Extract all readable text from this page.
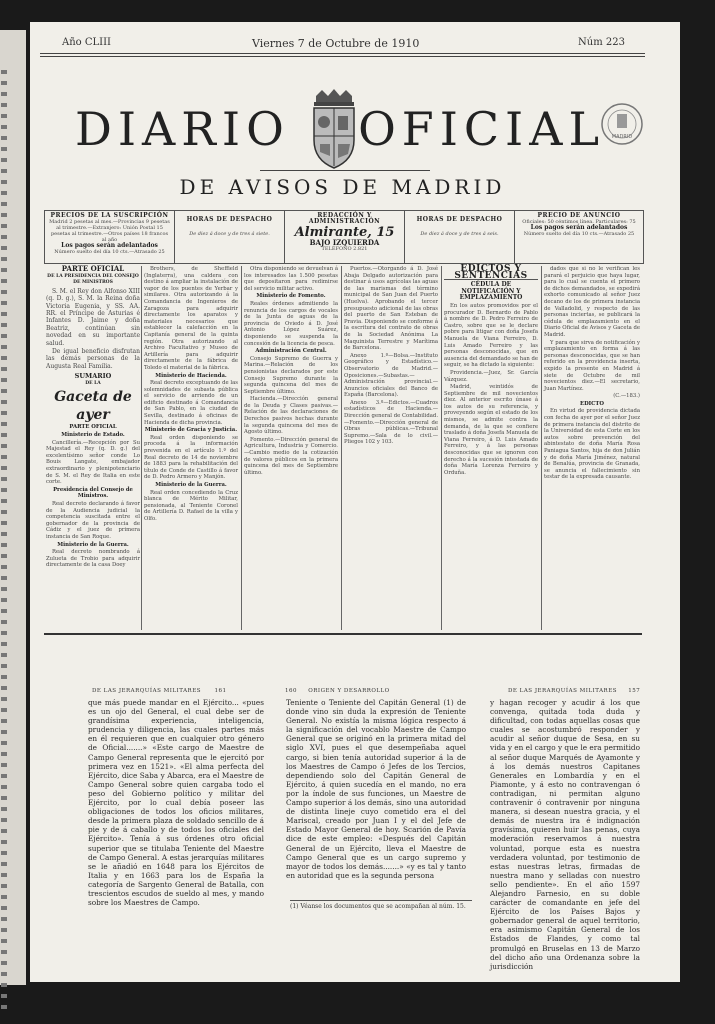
Año CLIII	Viernes 7 de Octubre de 1910	Núm 223
DIARIO OFICIAL MADRID
DE AVISOS DE MADRID
PRECIOS DE LA SUSCRIPCIÓN
Madrid 2 pesetas al mes.—Provincias 9 pesetas al trimestre.—Extranjero: Unión Postal 15 pesetas al trimestre.—Otros países 18 francos al año
Los pagos serán adelantados
Número suelto del día 10 cts.—Atrasado 25
HORAS DE DESPACHO
De diez á doce y de tres á siete.
REDACCIÓN Y ADMINISTRACIÓN
Almirante, 15
BAJO IZQUIERDA
TELÉFONO 2.821
HORAS DE DESPACHO
De diez á doce y de tres á seis.
PRECIO DE ANUNCIO
Oficiales: 50 céntimos línea. Particulares: 75
Los pagos serán adelantados
Número suelto del día 10 cts.—Atrasado 25

PARTE OFICIAL

DE LA PRESIDENCIA DEL CONSEJO DE MINISTROS

S. M. el Rey don Alfonso XIII (q. D. g.), S. M. la Reina doña Victoria Eugenia, y SS. AA. RR. el Príncipe de Asturias é Infantes D. Jaime y doña Beatriz, continúan sin novedad en su importante salud.

De igual beneficio disfrutan las demás personas de la Augusta Real Familia.

SUMARIO

DE LA

Gaceta de ayer

PARTE OFICIAL

Ministerio de Estado.

Cancillería.—Recepción por Su Majestad el Rey (q. D. g.) del excelentísimo señor conde Lo Bouis Langate, embajador extraordinario y plenipotenciario de S. M. el Rey de Italia en este corte.

Presidencia del Consejo de Ministros.

Real decreto declarando á favor de la Audiencia judicial la competencia suscitada entre el gobernador de la provincia de Cádiz y el juez de primera instancia de San Roque.

Ministerio de la Guerra.

Real decreto nombrando á Zulueta de Trobio para adquirir directamente de la casa Doey

Brothers, de Sheffield (Inglaterra), una caldera con destino á ampliar la instalación de vapor de los puentes de Yerbar y similares. Otra autorizando á la Comandancia de Ingenieros de Zaragoza para adquirir directamente los aparatos y materiales necesarios que establecer la calefacción en la Capitanía general de la quinta región. Otra autorizando al Archivo Facultativo y Museo de Artillería para adquirir directamente de la fábrica de Toledo el material de la fábrica.

Ministerio de Hacienda.

Real decreto exceptuando de las solemnidades de subasta pública el servicio de arriendo de un edificio destinado á Comandancia de San Pablo, en la ciudad de Sevilla, destinado á oficinas de Hacienda de dicha provincia.

Ministerio de Gracia y Justicia.

Real orden disponiendo se proceda á la información prevenida en el artículo 1.º del Real decreto de 14 de noviembre de 1883 para la rehabilitación del título de Conde de Castillo á favor de D. Pedro Armero y Manjón.

Ministerio de la Guerra.

Real orden concediendo la Cruz blanca de Mérito Militar, pensionada, al Teniente Coronel de Artillería D. Rafael de la villa y Olfo.

Otra disponiendo se devuelvan á los interesados las 1.500 pesetas que depositaron para redimirse del servicio militar activo.

Ministerio de Fomento.

Reales órdenes admitiendo la renuncia de los cargos de vocales de la Junta de aguas de la provincia de Oviedo á D. José Antonio López Suárez, disponiendo se suspenda la concesión de la licencia de pesca.

Administración Central.

Consejo Supremo de Guerra y Marina.—Relación de los pensionistas declarados por este Consejo Supremo durante la segunda quincena del mes de Septiembre último.

Hacienda.—Dirección general de la Deuda y Clases pasivas.—Relación de las declaraciones de Derechos pasivos hechas durante la segunda quincena del mes de Agosto último.

Fomento.—Dirección general de Agricultura, Industria y Comercio.—Cambio medio de la cotización de valores públicos en la primera quincena del mes de Septiembre último.

Puertos.—Otorgando á D. José Abaja Delgado autorización para destinar á usos agrícolas las aguas de las marismas del término municipal de San Juan del Puerto (Huelva). Aprobando el tercer presupuesto adicional de las obras del puerto de San Esteban de Pravia. Disponiendo se conforme á la escritura del contrato de obras de la Sociedad Anónima La Maquinista Terrestre y Marítima de Barcelona.

Anexo 1.º—Bolsa.—Instituto Geográfico y Estadístico.—Observatorio de Madrid.—Oposiciones.—Subastas.—Administración provincial.—Anuncios oficiales del Banco de España (Barcelona).

Anexo 3.º—Edictos.—Cuadros estadísticos de Hacienda.—Dirección general de Contabilidad.—Fomento.—Dirección general de Obras públicas.—Tribunal Supremo.—Sala de lo civil.—Pliegos 102 y 103.

EDICTOS Y SENTENCIAS

CÉDULA DE NOTIFICACIÓN Y EMPLAZAMIENTO

En los autos promovidos por el procurador D. Bernardo de Pablo á nombre de D. Pedro Ferreiro de Castro, sobre que se le declare pobre para litigar con doña Josefa Manuela de Viana Ferreiro, D. Luis Amado Ferreiro y las personas desconocidas, que en ausencia del demandado se han de seguir, se ha dictado la siguiente:

Providencia.—Juez, Sr. García Vázquez.

Madrid, veintidós de Septiembre de mil novecientos diez. Al anterior escrito únase á los autos de su referencia, y proveyendo según el estado de los mismos, se admite contra la demanda, de la que se confiere traslado á doña Josefa Manuela de Viana Ferreiro, á D. Luis Amado Ferreiro, y á las personas desconocidas que se ignoren con derecho á la sucesión intestada de doña María Lorenza Ferreiro y Orduña.

dados que si no le verifican les parará el perjuicio que haya lugar, para lo cual se cuenta el primero de dichos demandados, se expedirá exhorto comunicado al señor Juez decano de los de primera instancia de Valladolid, y respecto de las personas inciertas, se publicará la cédula de emplazamiento en el Diario Oficial de Avisos y Gaceta de Madrid.

Y para que sirva de notificación y emplazamiento en forma á las personas desconocidas, que se han referido en la providencia inserta, expido la presente en Madrid á siete de Octubre de mil novecientos diez.—El secretario, Juan Martínez.

(C.—183.)

EDICTO

En virtud de providencia dictada con fecha de ayer por el señor Juez de primera instancia del distrito de la Universidad de esta Corte en los autos sobre prevención del abintestato de doña María Rosa Paniagua Santos, hija de don Julián y de doña María Jiménez, natural de Benalúa, provincia de Granada, se anuncia el fallecimiento sin testar de la expresada causante.

DE LAS JERARQUÍAS MILITARES 161	160 ORIGEN Y DESARROLLO	DE LAS JERARQUÍAS MILITARES 157
que más puede mandar en el Ejército... «pues es un ojo del General, el cual debe ser de grandísima experiencia, inteligencia, prudencia y diligencia, las cuales partes más en él requieren que en cualquier otro género de Oficial.......» «Este cargo de Maestre de Campo General representa que le ejercitó por primera vez en 1521». «El alma perfecta del Ejército, dice Saba y Abarca, era el Maestre de Campo General sobre quien cargaba todo el peso del Gobierno político y militar del Ejército, por lo cual debía poseer las obligaciones de todos los oficios militares, desde la primera plaza de soldado sencillo de á pie y de á caballo y de todos los oficiales del Ejército». Tenía á sus órdenes otro oficial superior que se titulaba Teniente del Maestre de Campo General. A estas jerarquías militares se le añadió en 1648 para los Ejércitos de Italia y en 1663 para los de España la categoría de Sargento General de Batalla, con trescientos escudos de sueldo al mes, y mando sobre los Maestres de Campo.
Teniente o Teniente del Capitán General (1) de donde vino sin duda la expresión de Teniente General. No existía la misma lógica respecto á la significación del vocablo Maestre de Campo General que se originó en la primera mitad del siglo XVI, pues el que desempeñaba aquel cargo, si bien tenía autoridad superior á la de los Maestres de Campo ó Jefes de los Tercios, dependiendo solo del Capitán General de Ejército, á quien sucedía en el mando, no era por la índole de sus funciones, un Maestre de Campo superior á los demás, sino una autoridad de distinta lineje cuyo cometido era el del Mariscal, creado por Juan I y el del Jefe de Estado Mayor General de hoy. Scarión de Pavía dice de este empleo: «Después del Capitán General de un Ejército, lleva el Maestre de Campo General que es un cargo supremo y mayor de todos los demás.......» «y es tal y tanto en autoridad que es la segunda persona
(1) Véanse los documentos que se acompañan al núm. 15.
y hagan recoger y acudir á los que convenga, quitada toda duda y dificultad, con todas aquellas cosas que cuales se acostumbró responder y acudir al señor duque de Sesa, en su vida y en el cargo y que le era permitido al señor duque Marqués de Ayamonte y á los demás nuestros Capitanes Generales en Lombardía y en el Piamonte, y á esto no contravengan ó contradigan, ni permitan alguno contravenir ó contravenir por ninguna manera, si desean nuestra gracia, y el demás de nuestra ira é indignación gravísima, quieren huir las penas, cuya moderación reservamos á nuestra voluntad, porque esta es nuestra verdadera voluntad, por testimonio de estas nuestras letras, firmadas de nuestra mano y selladas con nuestro sello pendiente». En el año 1597 Alejandro Farnesio, en su doble carácter de comandante en jefe del Ejército de los Países Bajos y gobernador general de aquel territorio, era asimismo Capitán General de los Estados de Flandes, y como tal promulgó en Bruselas en 13 de Marzo del dicho año una Ordenanza sobre la jurisdicción
